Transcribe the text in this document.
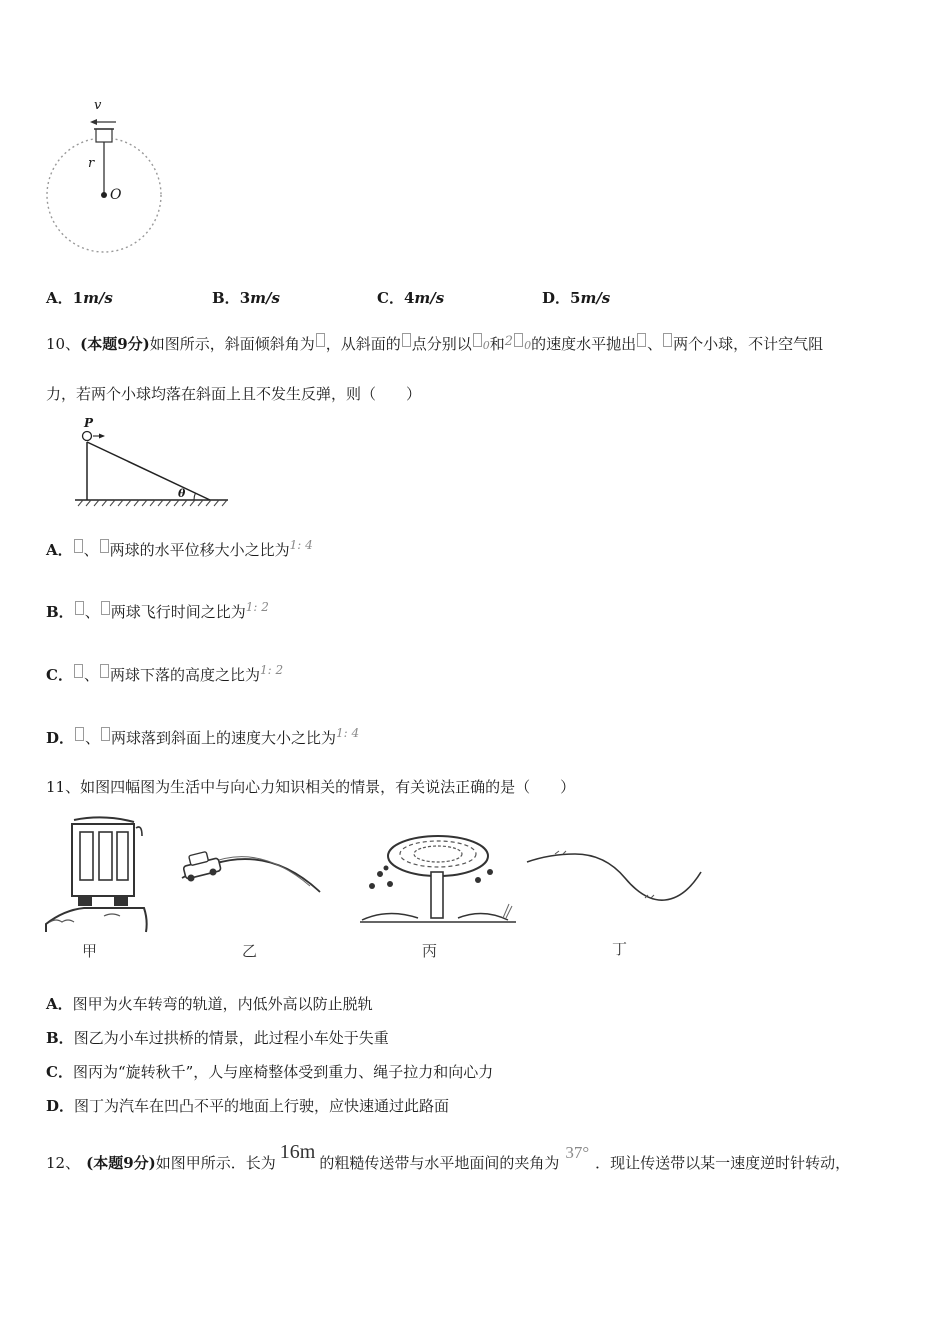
v
r
O
A．1m/s	B．3m/s	C．4m/s	D．5m/s
10、(本题9分)如图所示，斜面倾斜角为 ，从斜面的 点分别以 0和2 0的速度水平抛出 、 两个小球，不计空气阻
力，若两个小球均落在斜面上且不发生反弹，则（　　）
P
θ
A． 、 两球的水平位移大小之比为$^{1: 4}$
B． 、 两球飞行时间之比为$^{1: 2}$
C． 、 两球下落的高度之比为$^{1: 2}$
D． 、 两球落到斜面上的速度大小之比为$^{1: 4}$
11、如图四幅图为生活中与向心力知识相关的情景，有关说法正确的是（　　）
甲	乙	丙	丁
A．图甲为火车转弯的轨道，内低外高以防止脱轨
B．图乙为小车过拱桥的情景，此过程小车处于失重
C．图丙为“旋转秋千”，人与座椅整体受到重力、绳子拉力和向心力
D．图丁为汽车在凹凸不平的地面上行驶，应快速通过此路面
12、 (本题9分)如图甲所示．长为 16m 的粗糙传送带与水平地面间的夹角为37°．现让传送带以某一速度逆时针转动，
